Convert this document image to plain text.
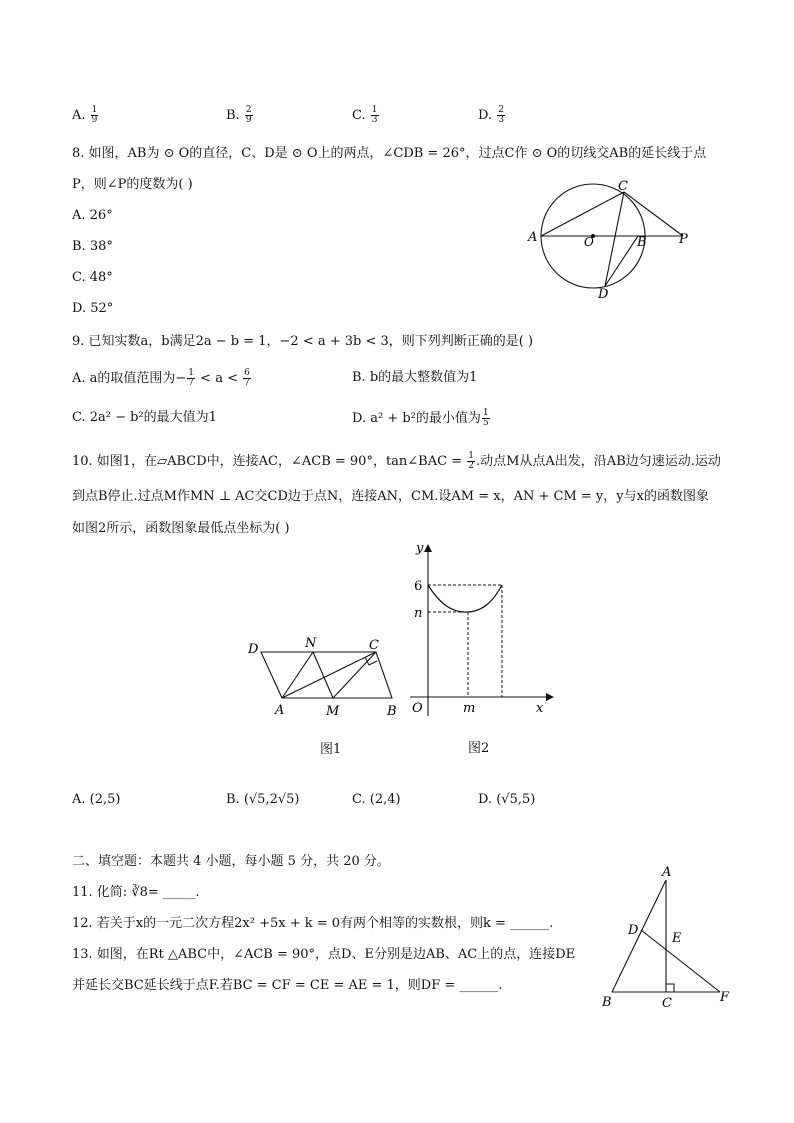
A. $\frac{1}{9}$	B. $\frac{2}{9}$	C. $\frac{1}{3}$	D. $\frac{2}{3}$
8. 如图，AB为 ⊙ O的直径，C、D是 ⊙ O上的两点，∠CDB = 26°，过点C作 ⊙ O的切线交AB的延长线于点
P，则∠P的度数为( )
A. 26°
B. 38°
C. 48°
D. 52°
A	O	B P
C
D
9. 已知实数a，b满足2a − b = 1，−2 < a + 3b < 3，则下列判断正确的是( )
A. a的取值范围为− $\frac{1}{7} < a < \frac{6}{7}$	B. b的最大整数值为1
C. 2a² − b²的最大值为1	D. a² + b²的最小值为 $\frac{1}{5}$
10. 如图1，在▱ABCD中，连接AC，∠ACB = 90°，tan∠BAC = $\frac{1}{2}$ .动点M从点A出发，沿AB边匀速运动.运动
到点B停止.过点M作MN ⊥ AC交CD边于点N，连接AN，CM.设AM = x，AN + CM = y，y与x的函数图象
如图2所示，函数图象最低点坐标为( )
D	N	C
A	M	B
图1
y
6
n
O	m	x
图2
A. (2,5)	B. (√5,2√5)	C. (2,4)	D. (√5,5)
二、填空题：本题共 4 小题，每小题 5 分，共 20 分。
11. 化简: ∛8= _____.
12. 若关于x的一元二次方程2x² +5x + k = 0有两个相等的实数根，则k = ______.
13. 如图，在Rt △ABC中，∠ACB = 90°，点D、E分别是边AB、AC上的点，连接DE
并延长交BC延长线于点F.若BC = CF = CE = AE = 1，则DF = ______.
A
D
E
B	C	F
